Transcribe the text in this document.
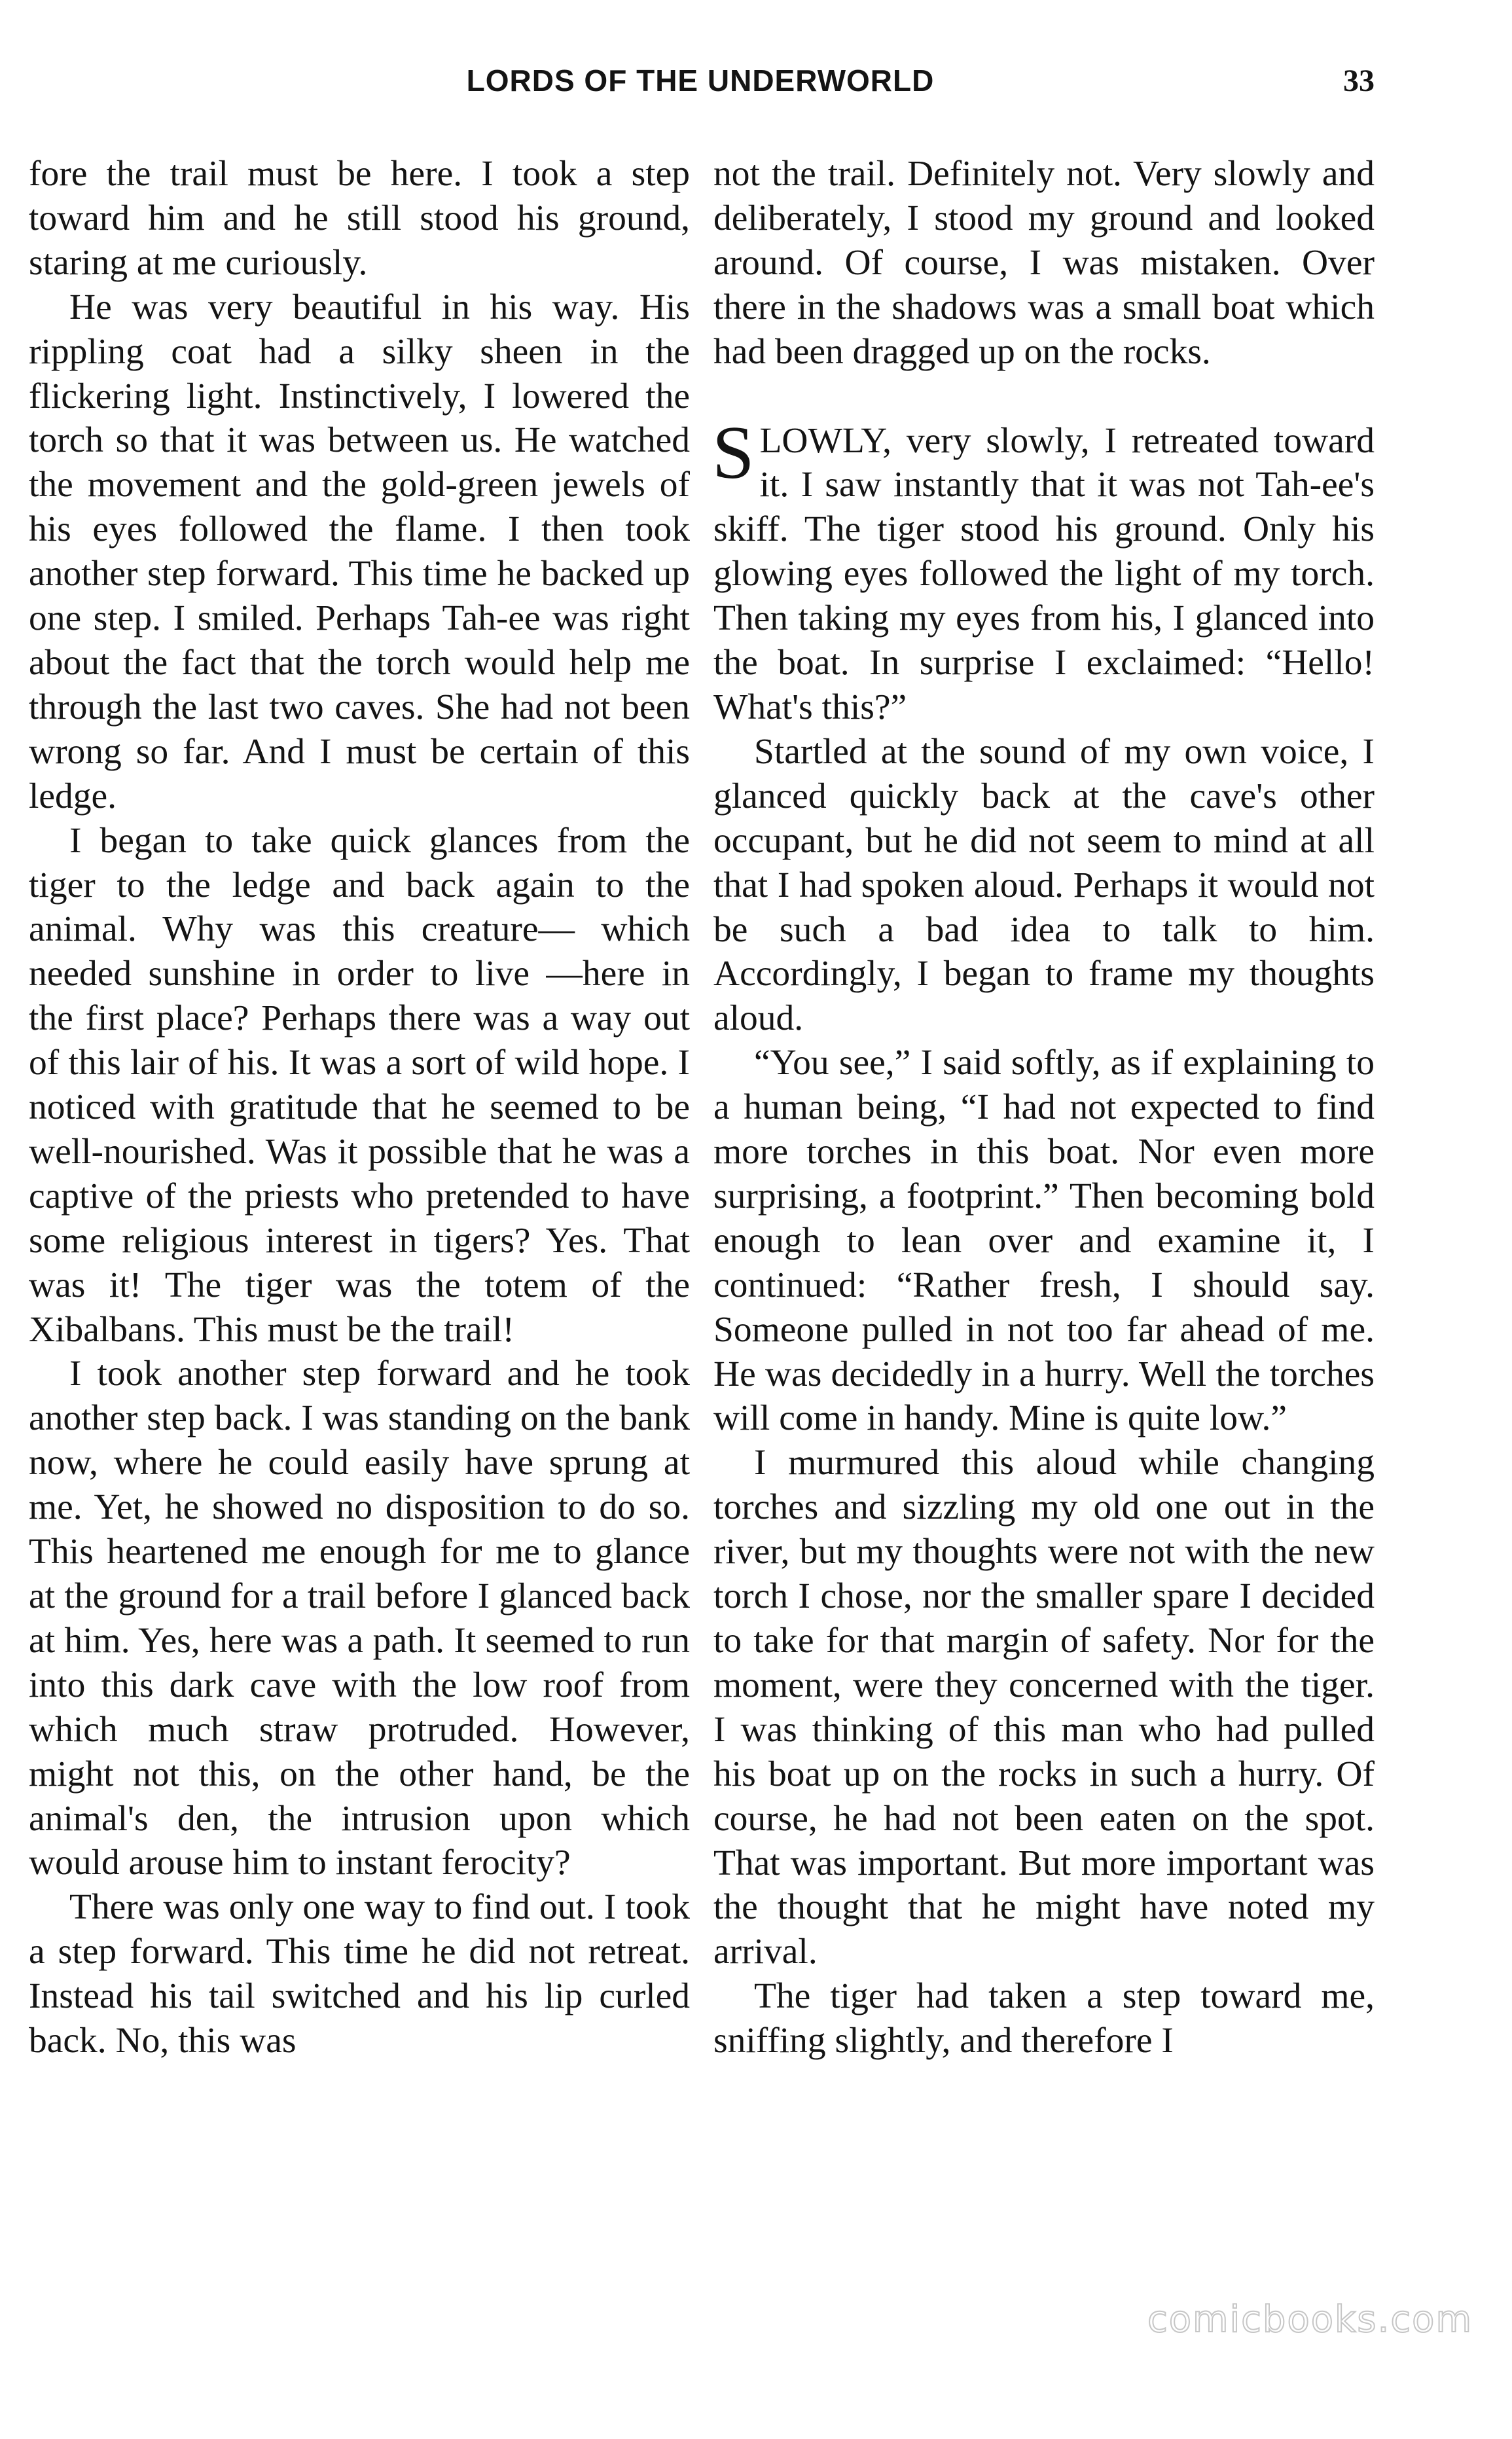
LORDS OF THE UNDERWORLD	33

fore the trail must be here. I took a step toward him and he still stood his ground, staring at me curiously.

He was very beautiful in his way. His rippling coat had a silky sheen in the flickering light. Instinctively, I lowered the torch so that it was between us. He watched the movement and the gold-green jewels of his eyes followed the flame. I then took another step forward. This time he backed up one step. I smiled. Perhaps Tah-ee was right about the fact that the torch would help me through the last two caves. She had not been wrong so far. And I must be certain of this ledge.

I began to take quick glances from the tiger to the ledge and back again to the animal. Why was this creature— which needed sunshine in order to live —here in the first place? Perhaps there was a way out of this lair of his. It was a sort of wild hope. I noticed with gratitude that he seemed to be well-nourished. Was it possible that he was a captive of the priests who pretended to have some religious interest in tigers? Yes. That was it! The tiger was the totem of the Xibalbans. This must be the trail!

I took another step forward and he took another step back. I was standing on the bank now, where he could easily have sprung at me. Yet, he showed no disposition to do so. This heartened me enough for me to glance at the ground for a trail before I glanced back at him. Yes, here was a path. It seemed to run into this dark cave with the low roof from which much straw protruded. However, might not this, on the other hand, be the animal's den, the intrusion upon which would arouse him to instant ferocity?

There was only one way to find out. I took a step forward. This time he did not retreat. Instead his tail switched and his lip curled back. No, this was

not the trail. Definitely not. Very slowly and deliberately, I stood my ground and looked around. Of course, I was mistaken. Over there in the shadows was a small boat which had been dragged up on the rocks.

SLOWLY, very slowly, I retreated toward it. I saw instantly that it was not Tah-ee's skiff. The tiger stood his ground. Only his glowing eyes followed the light of my torch. Then taking my eyes from his, I glanced into the boat. In surprise I exclaimed: “Hello! What's this?”

Startled at the sound of my own voice, I glanced quickly back at the cave's other occupant, but he did not seem to mind at all that I had spoken aloud. Perhaps it would not be such a bad idea to talk to him. Accordingly, I began to frame my thoughts aloud.

“You see,” I said softly, as if explaining to a human being, “I had not expected to find more torches in this boat. Nor even more surprising, a footprint.” Then becoming bold enough to lean over and examine it, I continued: “Rather fresh, I should say. Someone pulled in not too far ahead of me. He was decidedly in a hurry. Well the torches will come in handy. Mine is quite low.”

I murmured this aloud while changing torches and sizzling my old one out in the river, but my thoughts were not with the new torch I chose, nor the smaller spare I decided to take for that margin of safety. Nor for the moment, were they concerned with the tiger. I was thinking of this man who had pulled his boat up on the rocks in such a hurry. Of course, he had not been eaten on the spot. That was important. But more important was the thought that he might have noted my arrival.

The tiger had taken a step toward me, sniffing slightly, and therefore I

comicbooks.com
